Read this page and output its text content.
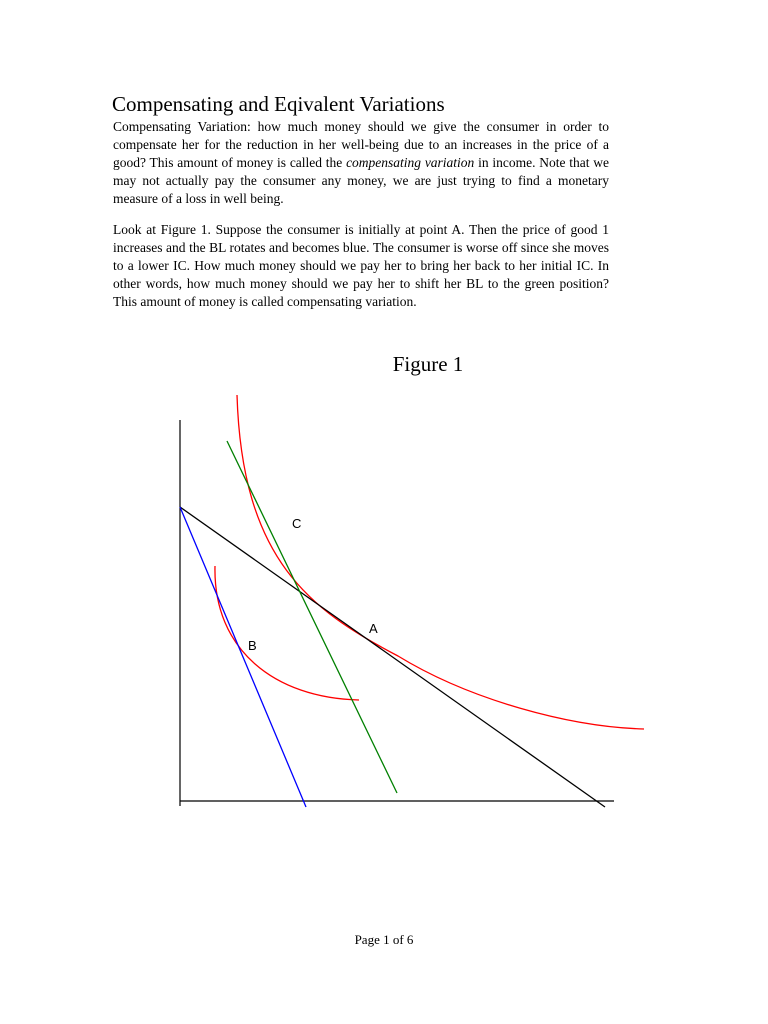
Compensating and Eqivalent Variations

Compensating Variation: how much money should we give the consumer in order to compensate her for the reduction in her well-being due to an increases in the price of a good? This amount of money is called the compensating variation in income. Note that we may not actually pay the consumer any money, we are just trying to find a monetary measure of a loss in well being.

Look at Figure 1. Suppose the consumer is initially at point A. Then the price of good 1 increases and the BL rotates and becomes blue. The consumer is worse off since she moves to a lower IC. How much money should we pay her to bring her back to her initial IC. In other words, how much money should we pay her to shift her BL to the green position? This amount of money is called compensating variation.

Figure 1
C
A
B
Page 1 of 6
